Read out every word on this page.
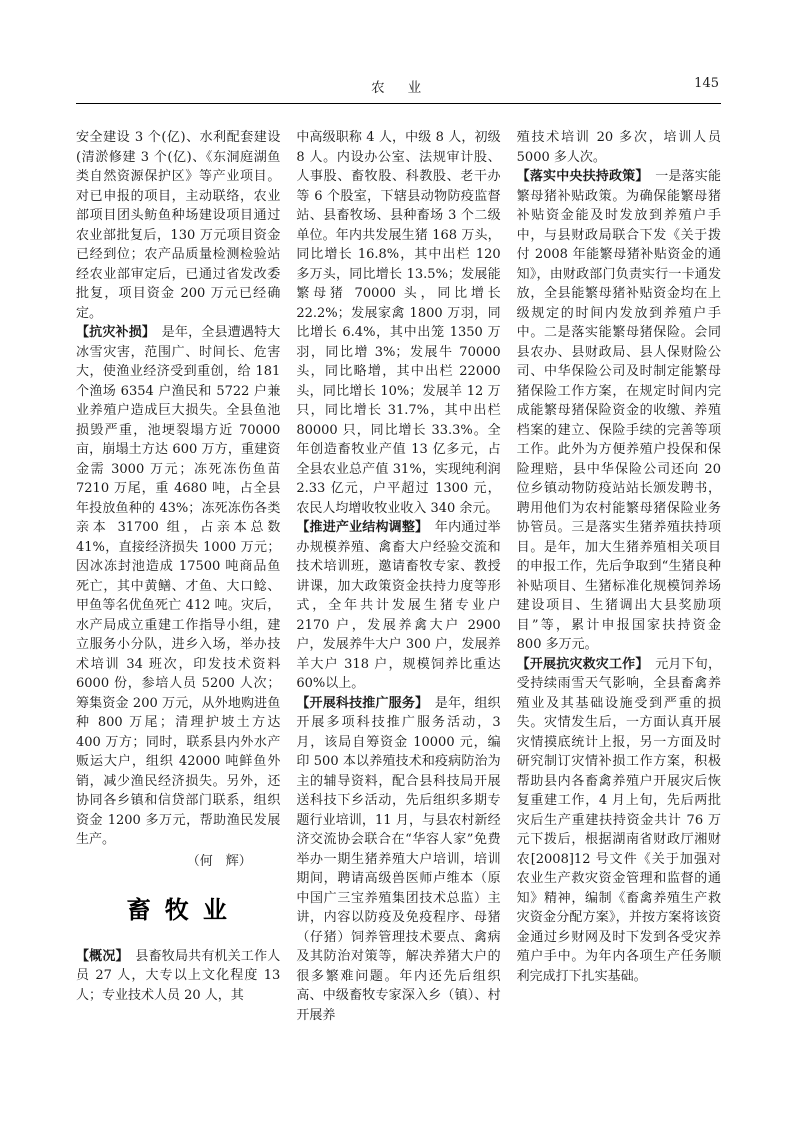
农　业	145

安全建设 3 个(亿)、水利配套建设(清淤修建 3 个(亿)、《东洞庭湖鱼类自然资源保护区》等产业项目。对已申报的项目，主动联络，农业部项目团头鲂鱼种场建设项目通过农业部批复后，130 万元项目资金已经到位；农产品质量检测检验站经农业部审定后，已通过省发改委批复，项目资金 200 万元已经确定。

【抗灾补损】　是年，全县遭遇特大冰雪灾害，范围广、时间长、危害大，使渔业经济受到重创，给 181 个渔场 6354 户渔民和 5722 户兼业养殖户造成巨大损失。全县鱼池损毁严重，池埂裂塌方近 70000 亩，崩塌土方达 600 万方，重建资金需 3000 万元；冻死冻伤鱼苗 7210 万尾，重 4680 吨，占全县年投放鱼种的 43%；冻死冻伤各类亲本 31700 组，占亲本总数 41%，直接经济损失 1000 万元；因冰冻封池造成 17500 吨商品鱼死亡，其中黄鳝、才鱼、大口鲶、甲鱼等名优鱼死亡 412 吨。灾后，水产局成立重建工作指导小组，建立服务小分队，进乡入场，举办技术培训 34 班次，印发技术资料 6000 份，参培人员 5200 人次；筹集资金 200 万元，从外地购进鱼种 800 万尾；清理护坡土方达 400 万方；同时，联系县内外水产贩运大户，组织 42000 吨鲜鱼外销，减少渔民经济损失。另外，还协同各乡镇和信贷部门联系，组织资金 1200 多万元，帮助渔民发展生产。

（何　辉）

畜 牧 业

【概况】　县畜牧局共有机关工作人员 27 人，大专以上文化程度 13 人；专业技术人员 20 人，其

中高级职称 4 人，中级 8 人，初级 8 人。内设办公室、法规审计股、人事股、畜牧股、科教股、老干办等 6 个股室，下辖县动物防疫监督站、县畜牧场、县种畜场 3 个二级单位。年内共发展生猪 168 万头，同比增长 16.8%，其中出栏 120 多万头，同比增长 13.5%；发展能繁母猪 70000 头，同比增长 22.2%；发展家禽 1800 万羽，同比增长 6.4%，其中出笼 1350 万羽，同比增 3%；发展牛 70000 头，同比略增，其中出栏 22000 头，同比增长 10%；发展羊 12 万只，同比增长 31.7%，其中出栏 80000 只，同比增长 33.3%。全年创造畜牧业产值 13 亿多元，占全县农业总产值 31%，实现纯利润 2.33 亿元，户平超过 1300 元，农民人均增收牧业收入 340 余元。

【推进产业结构调整】　年内通过举办规模养殖、禽畜大户经验交流和技术培训班，邀请畜牧专家、教授讲课，加大政策资金扶持力度等形式，全年共计发展生猪专业户 2170 户，发展养禽大户 2900 户，发展养牛大户 300 户，发展养羊大户 318 户，规模饲养比重达 60%以上。

【开展科技推广服务】　是年，组织开展多项科技推广服务活动，3 月，该局自筹资金 10000 元，编印 500 本以养殖技术和疫病防治为主的辅导资料，配合县科技局开展送科技下乡活动，先后组织多期专题行业培训，11 月，与县农村新经济交流协会联合在“华容人家”免费举办一期生猪养殖大户培训，培训期间，聘请高级兽医师卢维本（原中国广三宝养殖集团技术总监）主讲，内容以防疫及免疫程序、母猪（仔猪）饲养管理技术要点、禽病及其防治对策等，解决养猪大户的很多繁难问题。年内还先后组织高、中级畜牧专家深入乡（镇）、村开展养

殖技术培训 20 多次，培训人员 5000 多人次。

【落实中央扶持政策】　一是落实能繁母猪补贴政策。为确保能繁母猪补贴资金能及时发放到养殖户手中，与县财政局联合下发《关于拨付 2008 年能繁母猪补贴资金的通知》，由财政部门负责实行一卡通发放，全县能繁母猪补贴资金均在上级规定的时间内发放到养殖户手中。二是落实能繁母猪保险。会同县农办、县财政局、县人保财险公司、中华保险公司及时制定能繁母猪保险工作方案，在规定时间内完成能繁母猪保险资金的收缴、养殖档案的建立、保险手续的完善等项工作。此外为方便养殖户投保和保险理赔，县中华保险公司还向 20 位乡镇动物防疫站站长颁发聘书，聘用他们为农村能繁母猪保险业务协管员。三是落实生猪养殖扶持项目。是年，加大生猪养殖相关项目的申报工作，先后争取到“生猪良种补贴项目、生猪标准化规模饲养场建设项目、生猪调出大县奖励项目”等，累计申报国家扶持资金 800 多万元。

【开展抗灾救灾工作】　元月下旬，受持续雨雪天气影响，全县畜禽养殖业及其基础设施受到严重的损失。灾情发生后，一方面认真开展灾情摸底统计上报，另一方面及时研究制订灾情补损工作方案，积极帮助县内各畜禽养殖户开展灾后恢复重建工作，4 月上旬，先后两批灾后生产重建扶持资金共计 76 万元下拨后，根据湖南省财政厅湘财农[2008]12 号文件《关于加强对农业生产救灾资金管理和监督的通知》精神，编制《畜禽养殖生产救灾资金分配方案》，并按方案将该资金通过乡财网及时下发到各受灾养殖户手中。为年内各项生产任务顺利完成打下扎实基础。
